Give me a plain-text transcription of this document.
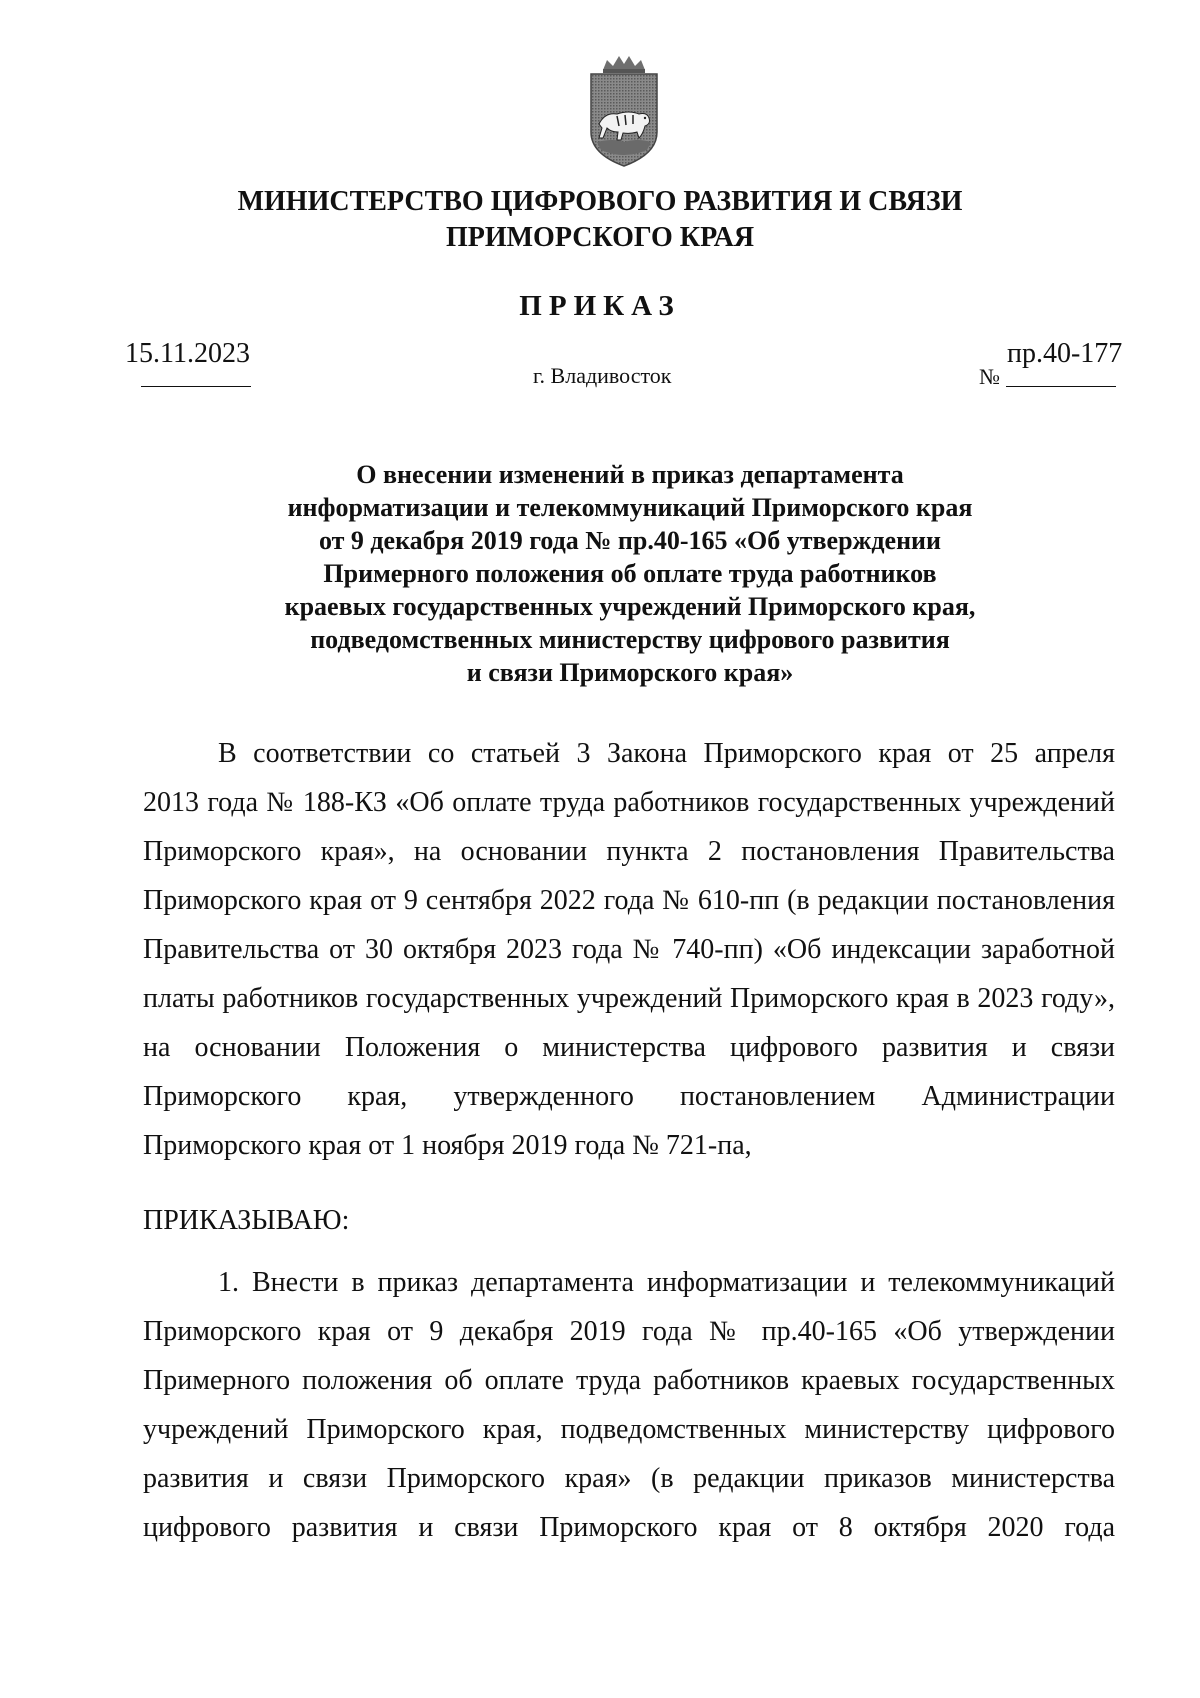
МИНИСТЕРСТВО ЦИФРОВОГО РАЗВИТИЯ И СВЯЗИ
ПРИМОРСКОГО КРАЯ
ПРИКАЗ
15.11.2023
г. Владивосток	№
пр.40-177
О внесении изменений в приказ департамента
информатизации и телекоммуникаций Приморского края
от 9 декабря 2019 года № пр.40-165 «Об утверждении
Примерного положения об оплате труда работников
краевых государственных учреждений Приморского края,
подведомственных министерству цифрового развития
и связи Приморского края»
В соответствии со статьей 3 Закона Приморского края от 25 апреля
2013 года № 188-КЗ «Об оплате труда работников государственных учреждений
Приморского края», на основании пункта 2 постановления Правительства
Приморского края от 9 сентября 2022 года № 610-пп (в редакции постановления
Правительства от 30 октября 2023 года № 740-пп) «Об индексации заработной
платы работников государственных учреждений Приморского края в 2023 году»,
на основании Положения о министерства цифрового развития и связи
Приморского края, утвержденного постановлением Администрации
Приморского края от 1 ноября 2019 года № 721-па,
ПРИКАЗЫВАЮ:
1. Внести в приказ департамента информатизации и телекоммуникаций
Приморского края от 9 декабря 2019 года № пр.40-165 «Об утверждении
Примерного положения об оплате труда работников краевых государственных
учреждений Приморского края, подведомственных министерству цифрового
развития и связи Приморского края» (в редакции приказов министерства
цифрового развития и связи Приморского края от 8 октября 2020 года
